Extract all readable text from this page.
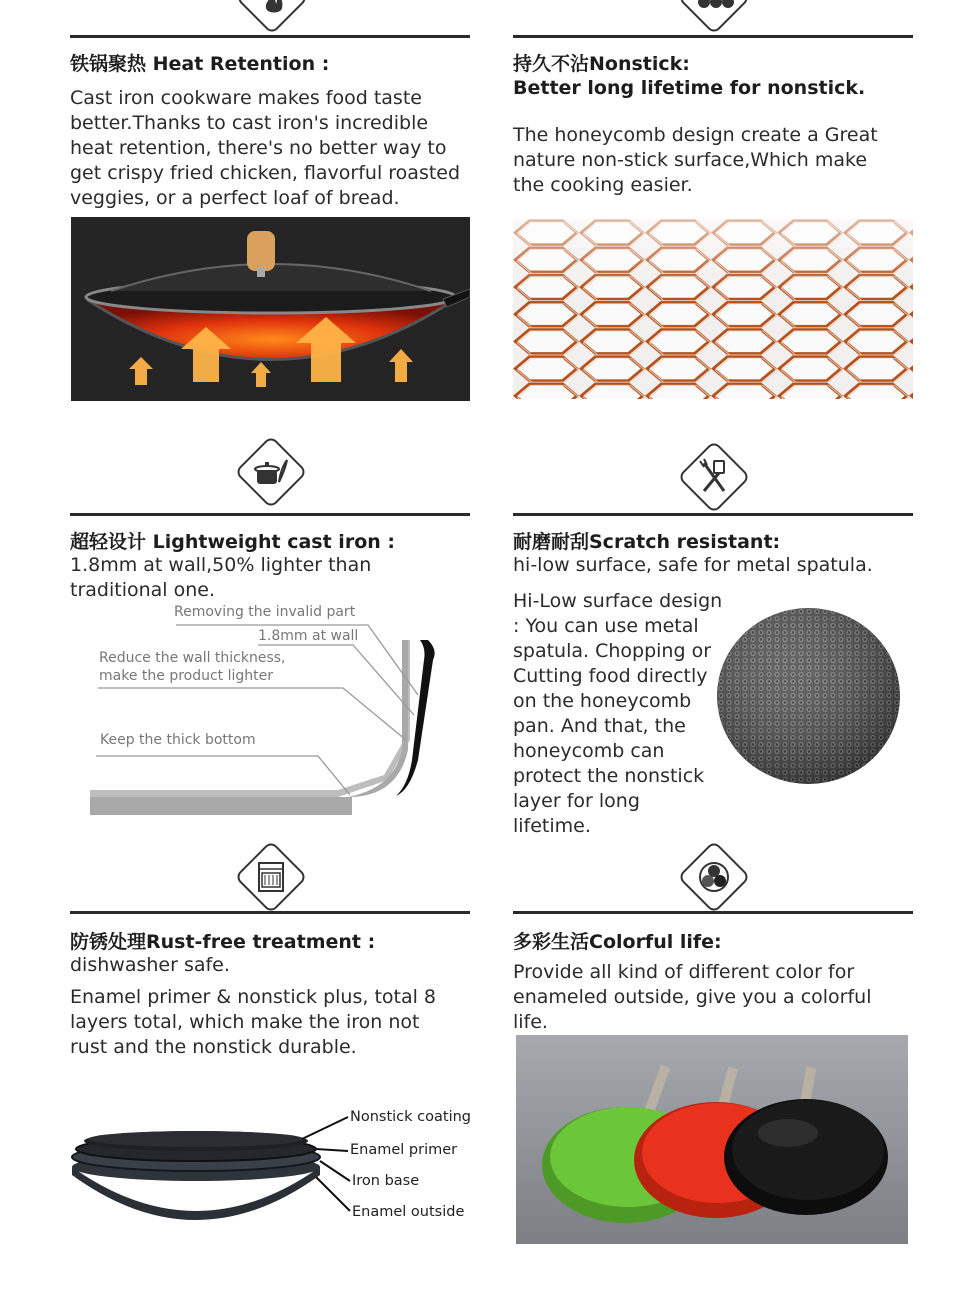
铁锅聚热 Heat Retention :
Cast iron cookware makes food taste better.Thanks to cast iron's incredible heat retention, there's no better way to get crispy fried chicken, flavorful roasted veggies, or a perfect loaf of bread.
持久不沾Nonstick:
Better long lifetime for nonstick.
The honeycomb design create a Great nature non-stick surface,Which make the cooking easier.
超轻设计 Lightweight cast iron :
1.8mm at wall,50% lighter than traditional one.
Removing the invalid part
1.8mm at wall
Reduce the wall thickness,
make the product lighter
Keep the thick bottom
耐磨耐刮Scratch resistant:
hi-low surface, safe for metal spatula.
Hi-Low surface design : You can use metal spatula. Chopping or Cutting food directly on the honeycomb pan. And that, the honeycomb can protect the nonstick layer for long lifetime.
防锈处理Rust-free treatment :
dishwasher safe.
Enamel primer & nonstick plus, total 8 layers total, which make the iron not rust and the nonstick durable.
Nonstick coating
Enamel primer
Iron base
Enamel outside
多彩生活Colorful life:
Provide all kind of different color for enameled outside, give you a colorful life.
